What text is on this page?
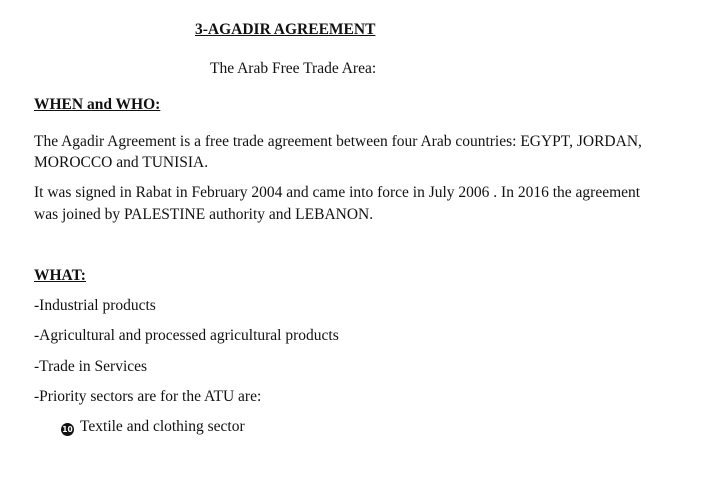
3-AGADIR AGREEMENT
The Arab Free Trade Area:
WHEN and WHO:
The Agadir Agreement is a free trade agreement between four Arab countries: EGYPT, JORDAN,
MOROCCO and TUNISIA.
It was signed in Rabat in February 2004 and came into force in July 2006 . In 2016 the agreement
was joined by PALESTINE authority and LEBANON.
WHAT:
-Industrial products
-Agricultural and processed agricultural products
-Trade in Services
-Priority sectors are for the ATU are:
10 Textile and clothing sector
